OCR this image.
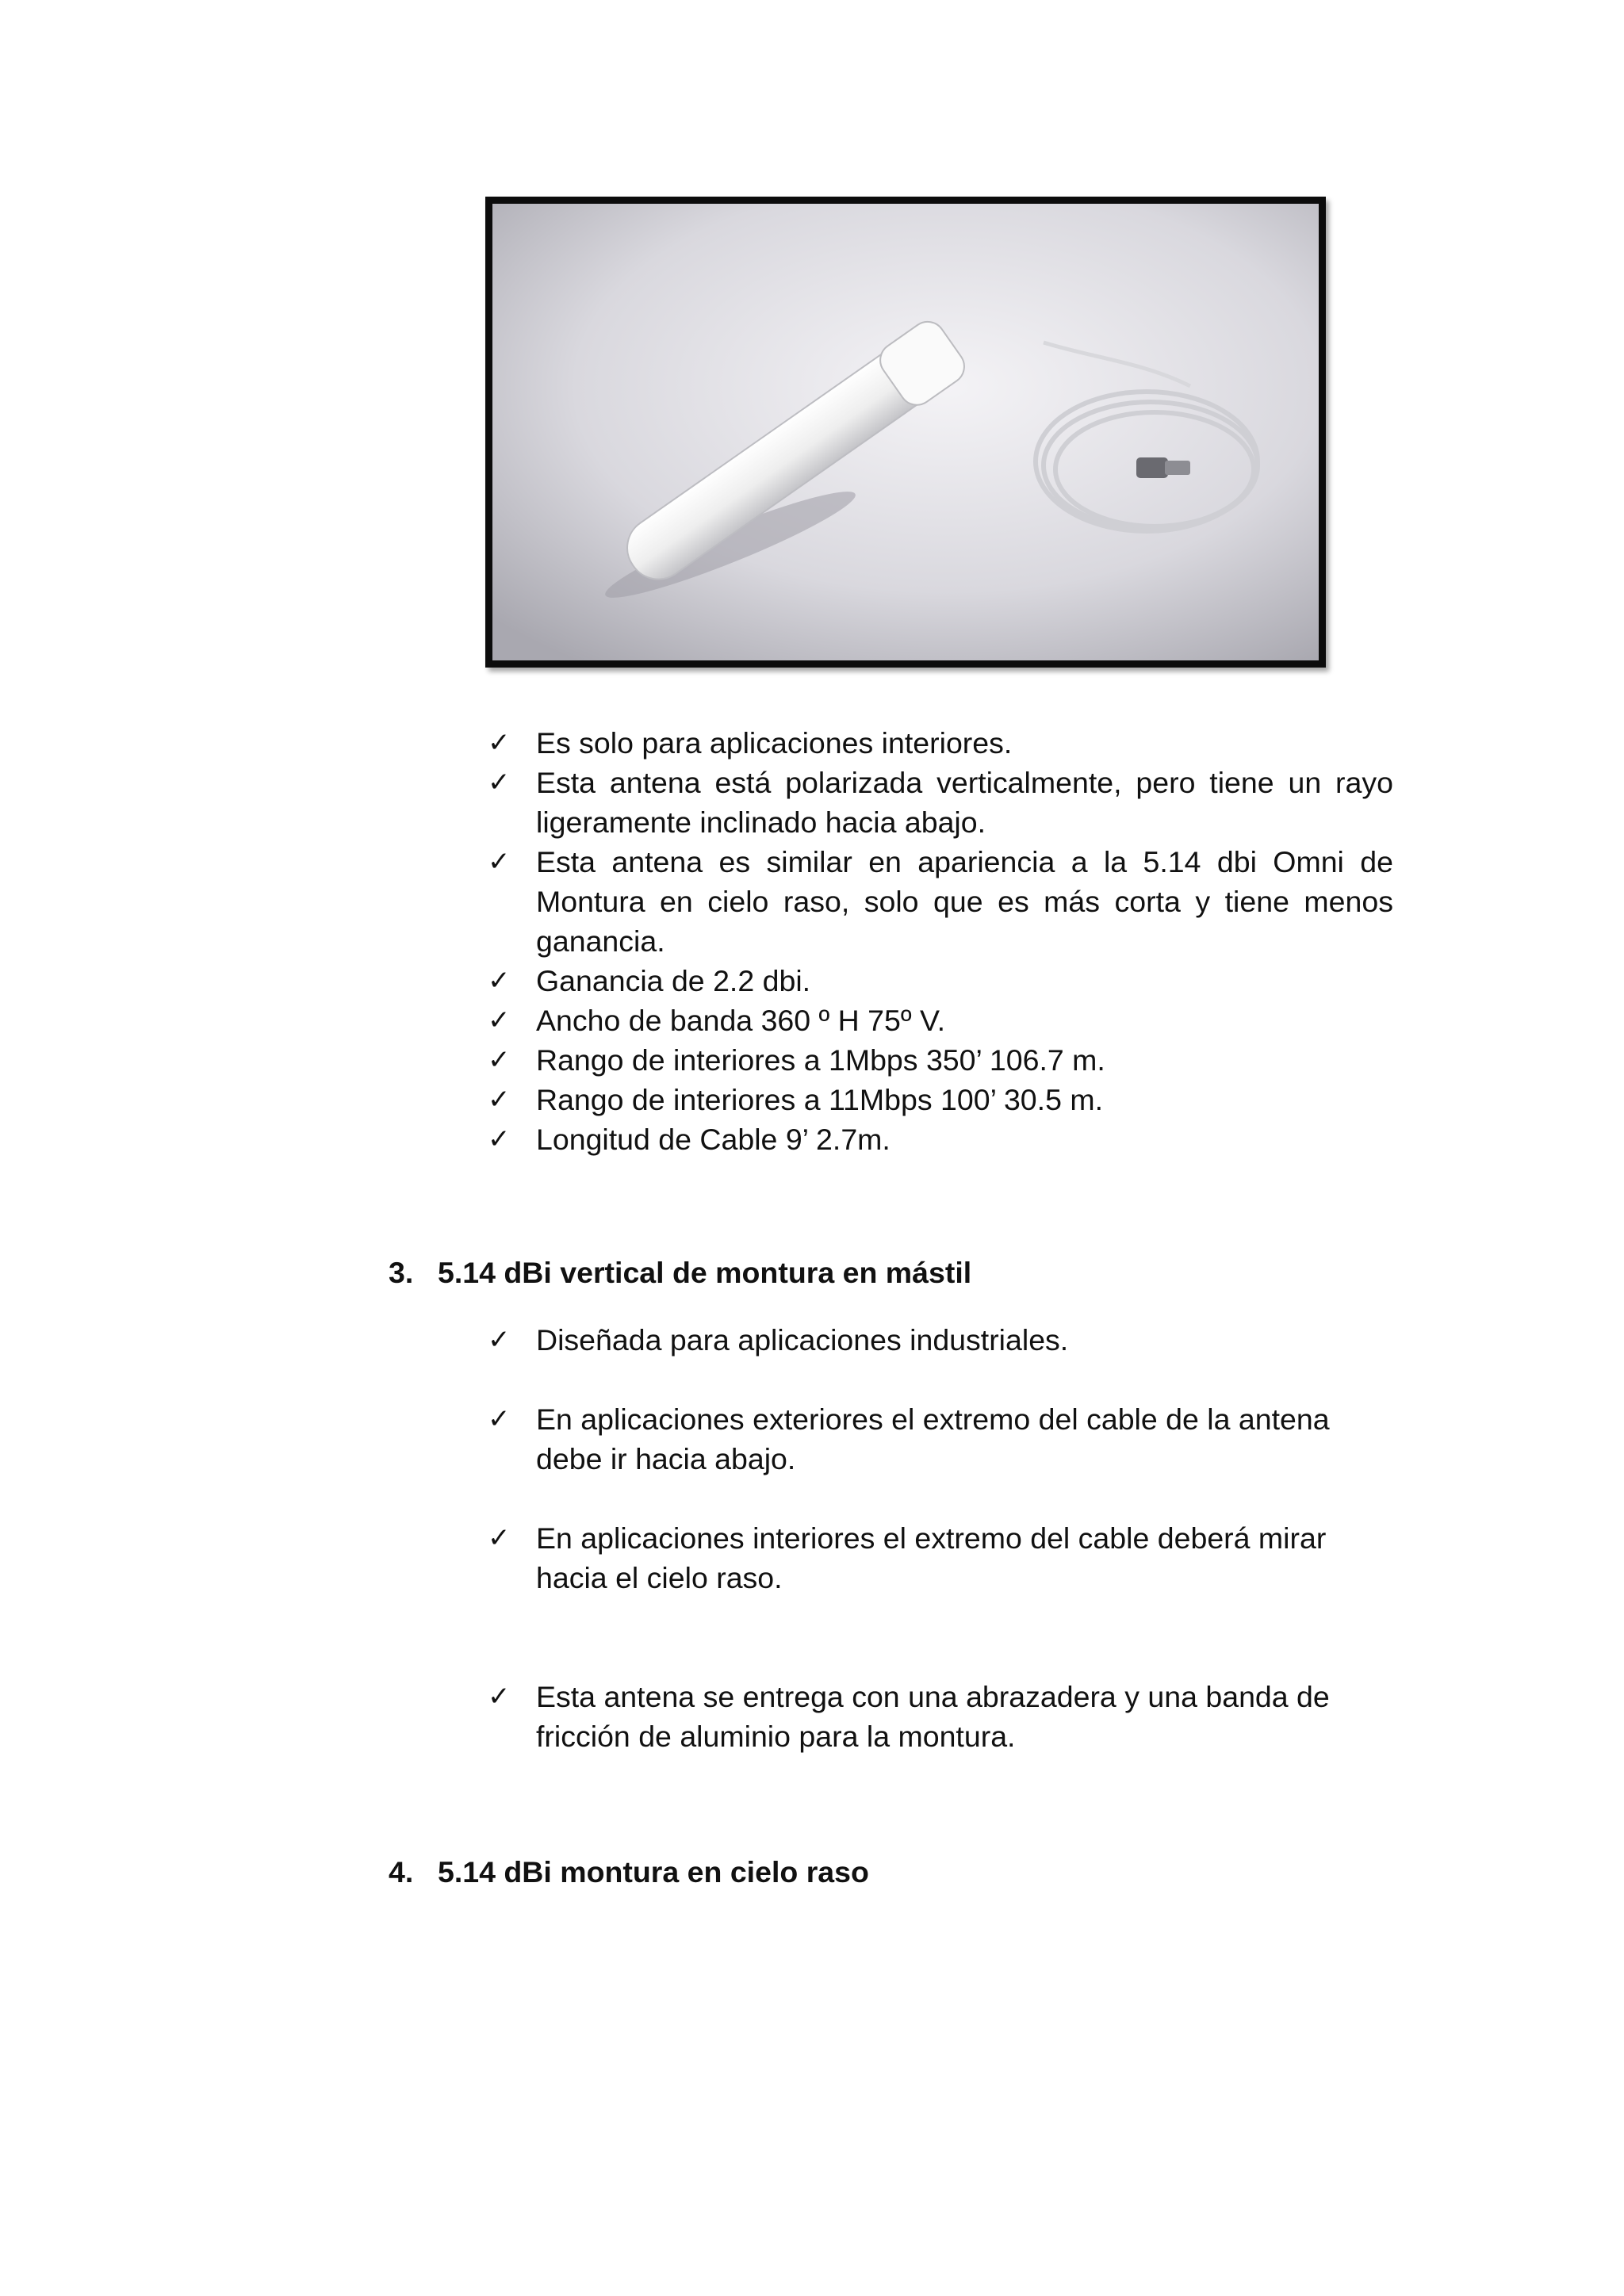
✓ Es solo para aplicaciones interiores.
✓ Esta antena está polarizada verticalmente, pero tiene un rayo ligeramente inclinado hacia abajo.
✓ Esta antena es similar en apariencia a la 5.14 dbi Omni de Montura en cielo raso, solo que es más corta y tiene menos ganancia.
✓ Ganancia de 2.2 dbi.
✓ Ancho de banda 360 º H 75º V.
✓ Rango de interiores a 1Mbps 350’ 106.7 m.
✓ Rango de interiores a 11Mbps 100’ 30.5 m.
✓ Longitud de Cable 9’ 2.7m.
3. 5.14 dBi vertical de montura en mástil
✓ Diseñada para aplicaciones industriales.
✓ En aplicaciones exteriores el extremo del cable de la antena debe ir hacia abajo.
✓ En aplicaciones interiores el extremo del cable deberá mirar hacia el cielo raso.
✓ Esta antena se entrega con una abrazadera y una banda de fricción de aluminio para la montura.
4. 5.14 dBi montura en cielo raso
